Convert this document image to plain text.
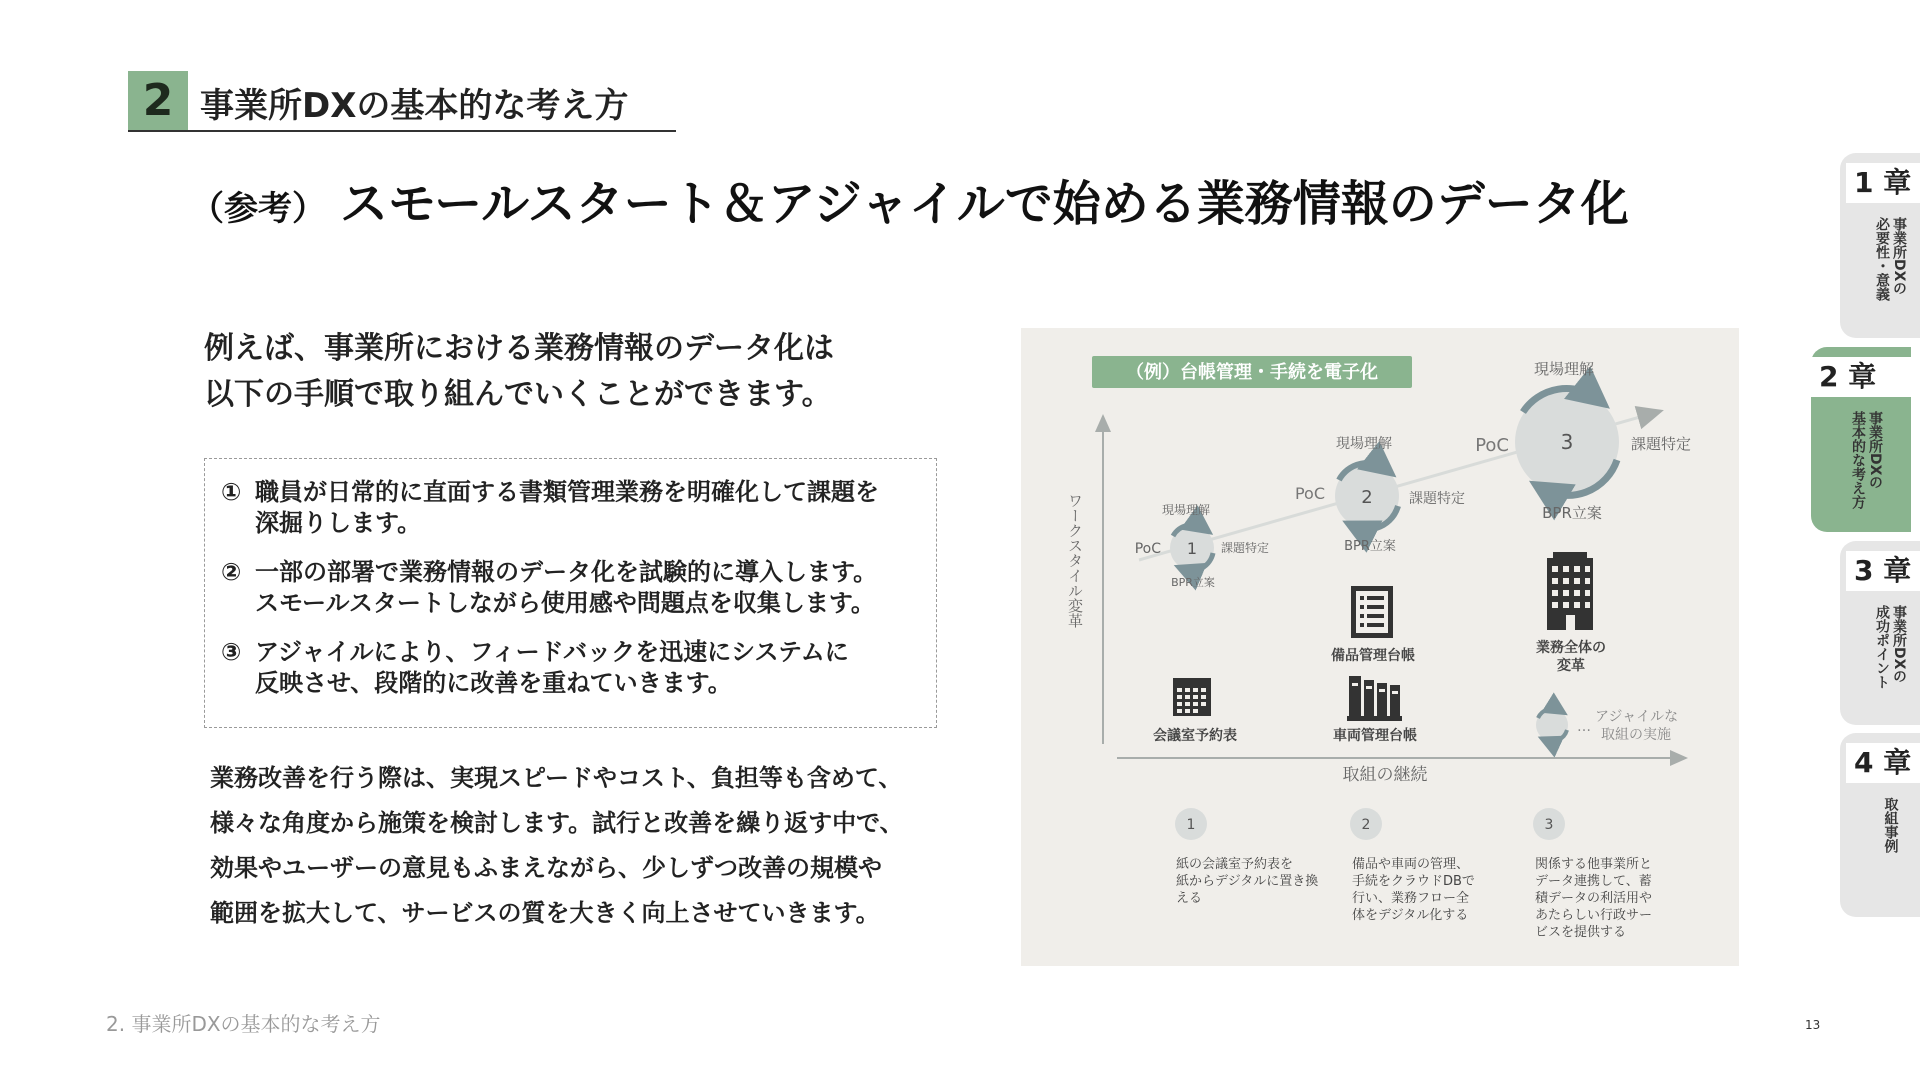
2 事業所DXの基本的な考え方
（参考） スモールスタート＆アジャイルで始める業務情報のデータ化
例えば、事業所における業務情報のデータ化は
以下の手順で取り組んでいくことができます。
① 職員が日常的に直面する書類管理業務を明確化して課題を
深掘りします。
② 一部の部署で業務情報のデータ化を試験的に導入します。
スモールスタートしながら使用感や問題点を収集します。
③ アジャイルにより、フィードバックを迅速にシステムに
反映させ、段階的に改善を重ねていきます。

業務改善を行う際は、実現スピードやコスト、負担等も含めて、

様々な角度から施策を検討します。試行と改善を繰り返す中で、

効果やユーザーの意見もふまえながら、少しずつ改善の規模や

範囲を拡大して、サービスの質を大きく向上させていきます。

（例）台帳管理・手続を電子化
ワークスタイル変革
取組の継続
1
PoC
現場理解
課題特定
BPR立案
2
PoC
現場理解
課題特定
BPR立案
3
PoC
現場理解
課題特定
BPR立案
会議室予約表
備品管理台帳
車両管理台帳
業務全体の
変革
…
アジャイルな
取組の実施
1
紙の会議室予約表を
紙からデジタルに置き換
える
2
備品や車両の管理、
手続をクラウドDBで
行い、業務フロー全
体をデジタル化する
3
関係する他事業所と
データ連携して、蓄
積データの利活用や
あたらしい行政サー
ビスを提供する
1 章
事業所DXの
必要性・意義
2 章
事業所DXの
基本的な考え方
3 章
事業所DXの
成功ポイント
4 章
取組事例
2. 事業所DXの基本的な考え方	13
